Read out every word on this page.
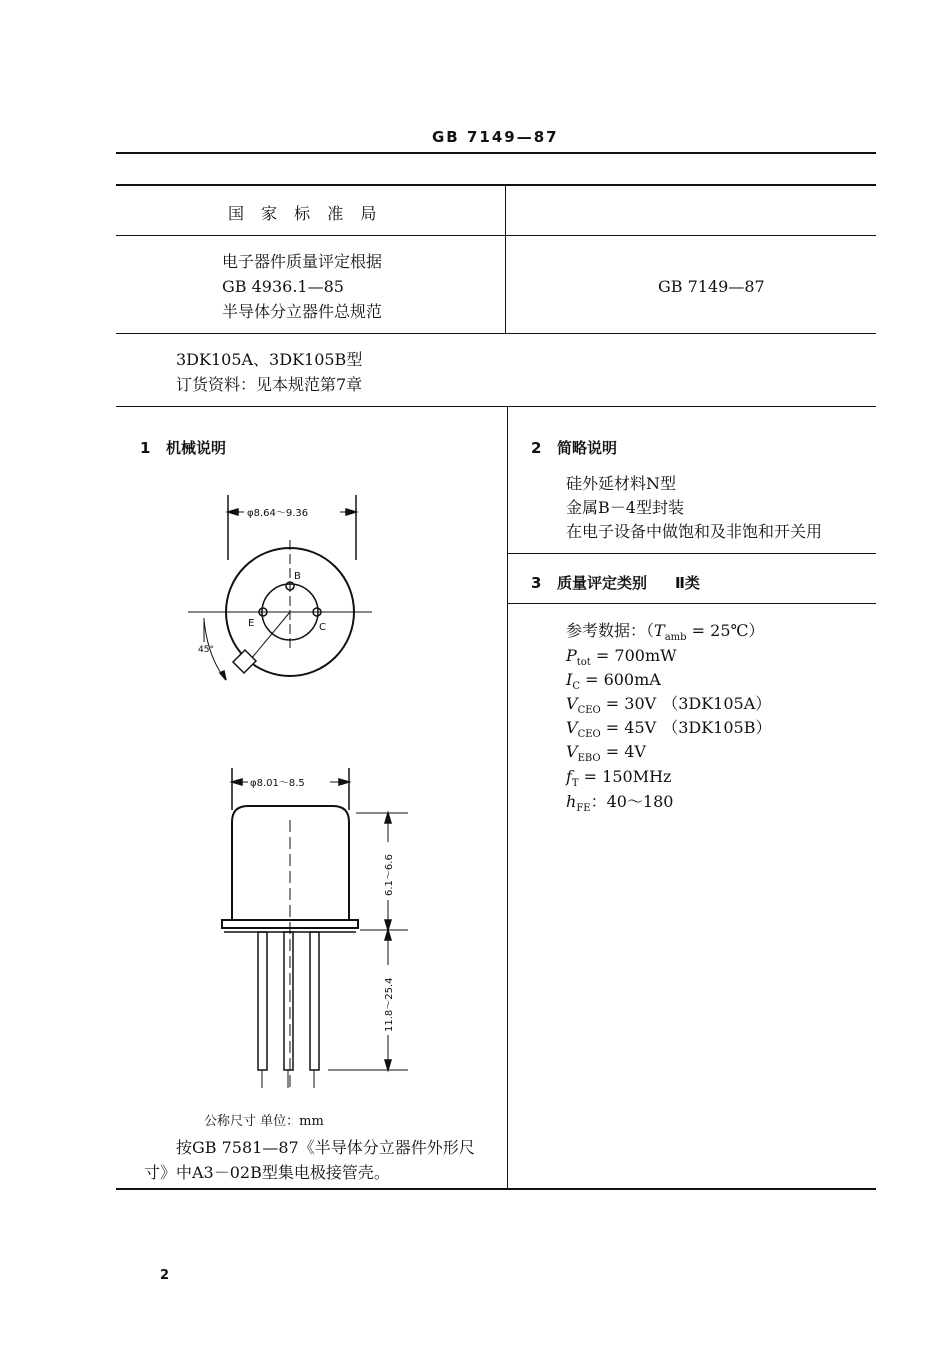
GB 7149—87
国 家 标 准 局
电子器件质量评定根据
GB 4936.1—85
半导体分立器件总规范
GB 7149—87
3DK105A、3DK105B型
订货资料：见本规范第7章
1 机械说明
φ8.64～9.36
B
E	C
45°
φ8.01～8.5
6.1～6.6
11.8～25.4
公称尺寸 单位：mm
按GB 7581—87《半导体分立器件外形尺
寸》中A3－02B型集电极接管壳。
2 简略说明
硅外延材料N型
金属B－4型封装
在电子设备中做饱和及非饱和开关用
3 质量评定类别 Ⅱ类
参考数据：（$T_{amb}$ = 25℃）
$P_{tot} = 700mW$
$I_C = 600mA$
$V_{CEO} = 30V$ （3DK105A）
$V_{CEO} = 45V$ （3DK105B）
$V_{EBO} = 4V$
$f_T = 150MHz$
$h_{FE}$：40～180
2
